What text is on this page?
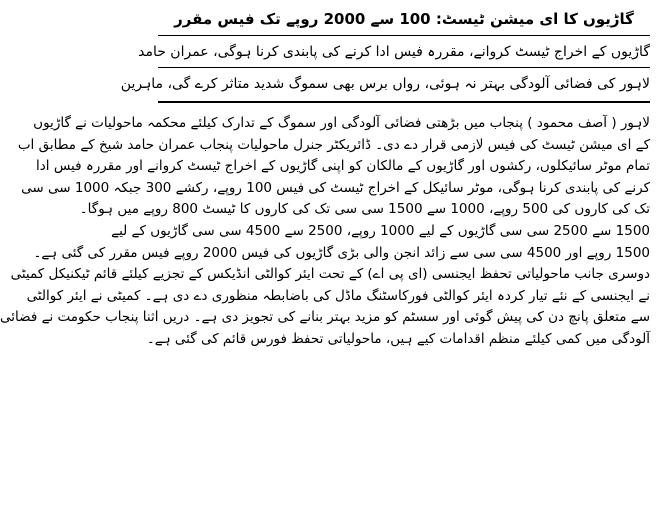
گاڑیوں کا ای میشن ٹیسٹ: 100 سے 2000 روپے تک فیس مقرر
گاڑیوں کے اخراج ٹیسٹ کروانے، مقررہ فیس ادا کرنے کی پابندی کرنا ہوگی، عمران حامد
لاہور کی فضائی آلودگی بہتر نہ ہوئی، رواں برس بھی سموگ شدید متاثر کرے گی، ماہرین
لاہور ( آصف محمود ) پنجاب میں بڑھتی فضائی آلودگی اور سموگ کے تدارک کیلئے محکمہ ماحولیات نے گاڑیوں
کے ای میشن ٹیسٹ کی فیس لازمی قرار دے دی۔ ڈائریکٹر جنرل ماحولیات پنجاب عمران حامد شیخ کے مطابق اب
تمام موٹر سائیکلوں، رکشوں اور گاڑیوں کے مالکان کو اپنی گاڑیوں کے اخراج ٹیسٹ کروانے اور مقررہ فیس ادا
کرنے کی پابندی کرنا ہوگی، موٹر سائیکل کے اخراج ٹیسٹ کی فیس 100 روپے، رکشے 300 جبکہ 1000 سی سی
تک کی کاروں کی 500 روپے، 1000 سے 1500 سی سی تک کی کاروں کا ٹیسٹ 800 روپے میں ہوگا۔
1500 سے 2500 سی سی گاڑیوں کے لیے 1000 روپے، 2500 سے 4500 سی سی گاڑیوں کے لیے
1500 روپے اور 4500 سی سی سے زائد انجن والی بڑی گاڑیوں کی فیس 2000 روپے فیس مقرر کی گئی ہے۔
دوسری جانب ماحولیاتی تحفظ ایجنسی (ای پی اے) کے تحت ایئر کوالٹی انڈیکس کے تجزیے کیلئے قائم ٹیکنیکل کمیٹی
نے ایجنسی کے نئے تیار کردہ ایئر کوالٹی فورکاسٹنگ ماڈل کی باضابطہ منظوری دے دی ہے۔ کمیٹی نے ایئر کوالٹی
سے متعلق پانچ دن کی پیش گوئی اور سسٹم کو مزید بہتر بنانے کی تجویز دی ہے۔ دریں اثنا پنجاب حکومت نے فضائی
آلودگی میں کمی کیلئے منظم اقدامات کیے ہیں، ماحولیاتی تحفظ فورس قائم کی گئی ہے۔
